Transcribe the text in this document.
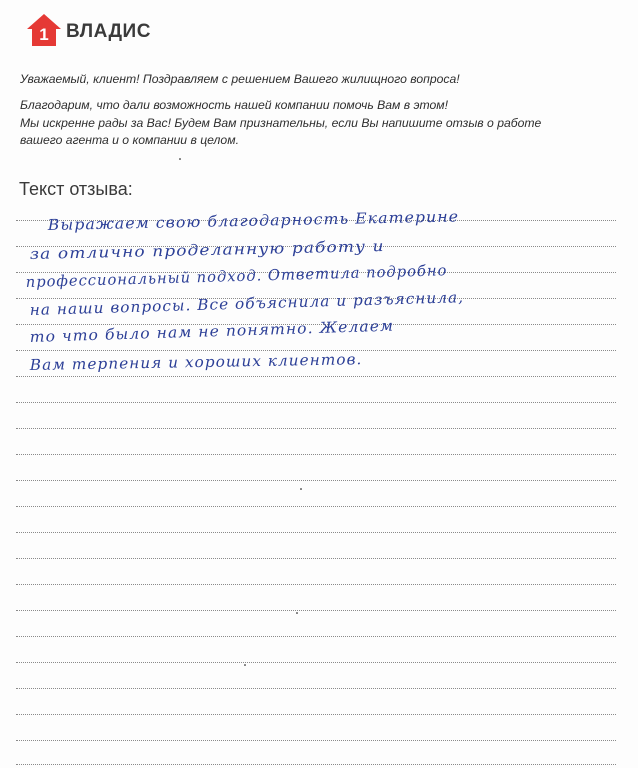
1 ВЛАДИС
Уважаемый, клиент! Поздравляем с решением Вашего жилищного вопроса!
Благодарим, что дали возможность нашей компании помочь Вам в этом!
Мы искренне рады за Вас! Будем Вам признательны, если Вы напишите отзыв о работе
вашего агента и о компании в целом.
Текст отзыва:
Выражаем свою благодарность Екатерине
за отлично проделанную работу и
профессиональный подход. Ответила подробно
на наши вопросы. Все объяснила и разъяснила,
то что было нам не понятно. Желаем
Вам терпения и хороших клиентов.
